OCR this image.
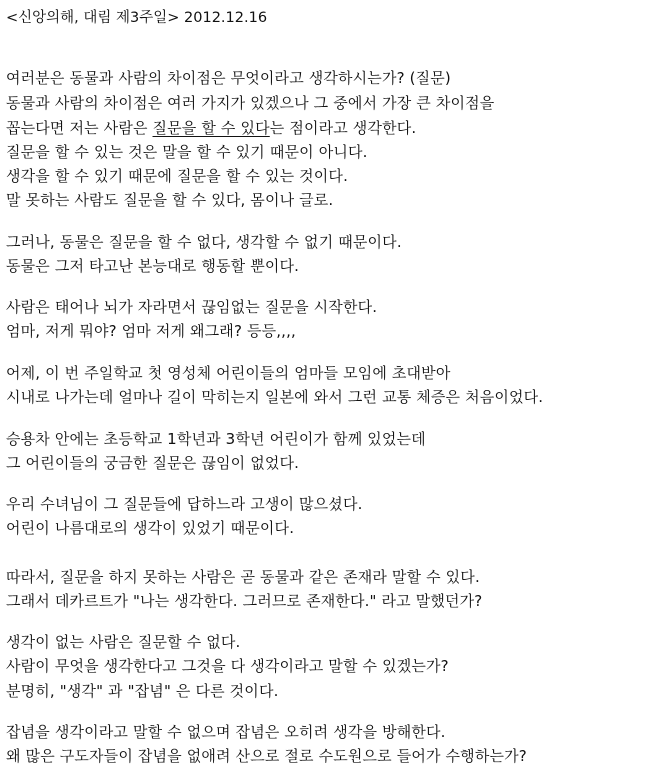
<신앙의해, 대림 제3주일> 2012.12.16
여러분은 동물과 사람의 차이점은 무엇이라고 생각하시는가? (질문)
동물과 사람의 차이점은 여러 가지가 있겠으나 그 중에서 가장 큰 차이점을
꼽는다면 저는 사람은 질문을 할 수 있다는 점이라고 생각한다.
질문을 할 수 있는 것은 말을 할 수 있기 때문이 아니다.
생각을 할 수 있기 때문에 질문을 할 수 있는 것이다.
말 못하는 사람도 질문을 할 수 있다, 몸이나 글로.
그러나, 동물은 질문을 할 수 없다, 생각할 수 없기 때문이다.
동물은 그저 타고난 본능대로 행동할 뿐이다.
사람은 태어나 뇌가 자라면서 끊임없는 질문을 시작한다.
엄마, 저게 뭐야? 엄마 저게 왜그래? 등등,,,,
어제, 이 번 주일학교 첫 영성체 어린이들의 엄마들 모임에 초대받아
시내로 나가는데 얼마나 길이 막히는지 일본에 와서 그런 교통 체증은 처음이었다.
승용차 안에는 초등학교 1학년과 3학년 어린이가 함께 있었는데
그 어린이들의 궁금한 질문은 끊임이 없었다.
우리 수녀님이 그 질문들에 답하느라 고생이 많으셨다.
어린이 나름대로의 생각이 있었기 때문이다.
따라서, 질문을 하지 못하는 사람은 곧 동물과 같은 존재라 말할 수 있다.
그래서 데카르트가 "나는 생각한다. 그러므로 존재한다." 라고 말했던가?
생각이 없는 사람은 질문할 수 없다.
사람이 무엇을 생각한다고 그것을 다 생각이라고 말할 수 있겠는가?
분명히, "생각" 과 "잡념" 은 다른 것이다.
잡념을 생각이라고 말할 수 없으며 잡념은 오히려 생각을 방해한다.
왜 많은 구도자들이 잡념을 없애려 산으로 절로 수도원으로 들어가 수행하는가?
